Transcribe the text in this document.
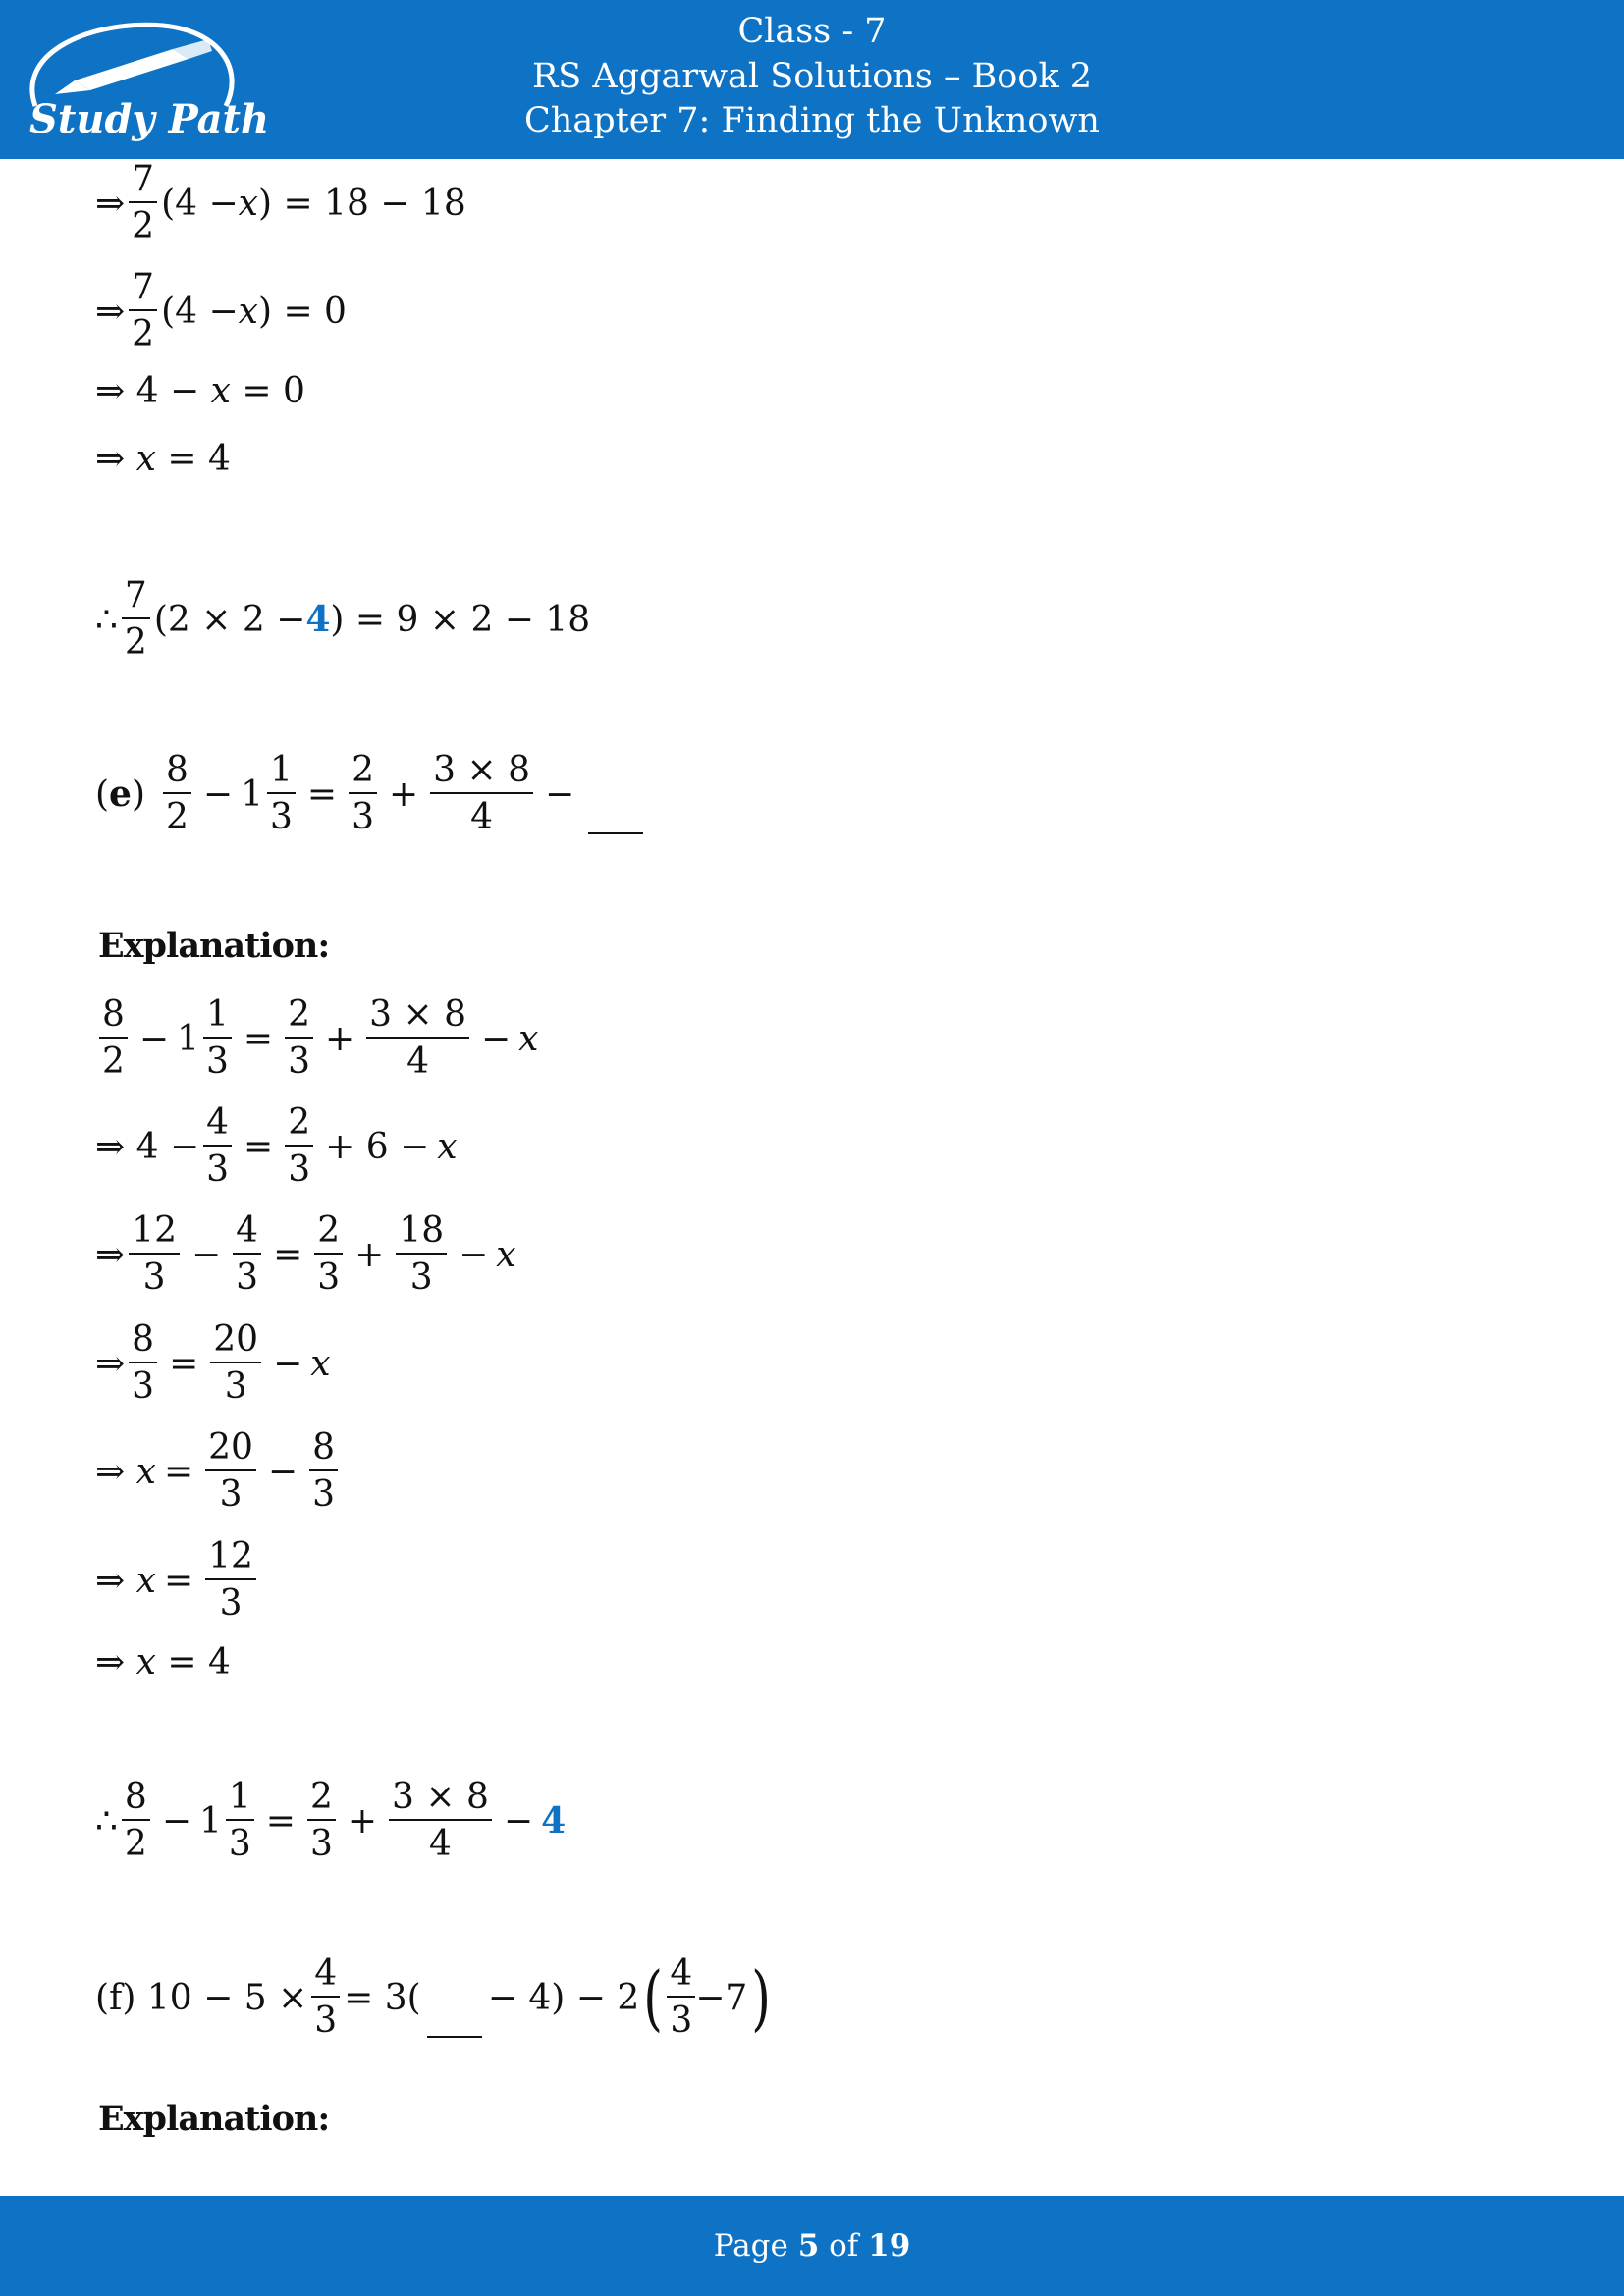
Study Path
Class - 7
RS Aggarwal Solutions – Book 2
Chapter 7: Finding the Unknown
⇒ $\frac{7}{2} (4 - x$ ) = 18 − 18
⇒ $\frac{7}{2} (4 - x$ ) = 0
⇒ 4 − x = 0
⇒ x = 4
∴ $\frac{7}{2} (2 \times 2 - 4$ ) = 9 × 2 − 18
( e ) $\frac{8}{2} - 1 \frac{1}{3} = \frac{2}{3} + \frac{3 \times 8}{4}$ −
Explanation:
$\frac{8}{2} - 1 \frac{1}{3} = \frac{2}{3} + \frac{3 \times 8}{4} - x$
⇒
$4 - \frac{4}{3} = \frac{2}{3} + 6 - x$
⇒ $\frac{12}{3} - \frac{4}{3} = \frac{2}{3} + \frac{18}{3} - x$
⇒ $\frac{8}{3} = \frac{20}{3} - x$
⇒
$x = \frac{20}{3} - \frac{8}{3}$
⇒
$x = \frac{12}{3}$
⇒ x = 4
∴ $\frac{8}{2} - 1 \frac{1}{3} = \frac{2}{3} + \frac{3 \times 8}{4} - 4$
(f)
$10 - 5 \times \frac{4}{3} = 3( - 4) - 2$ ( $\frac{4}{3} -7$ )
Explanation:
Page 5 of 19
